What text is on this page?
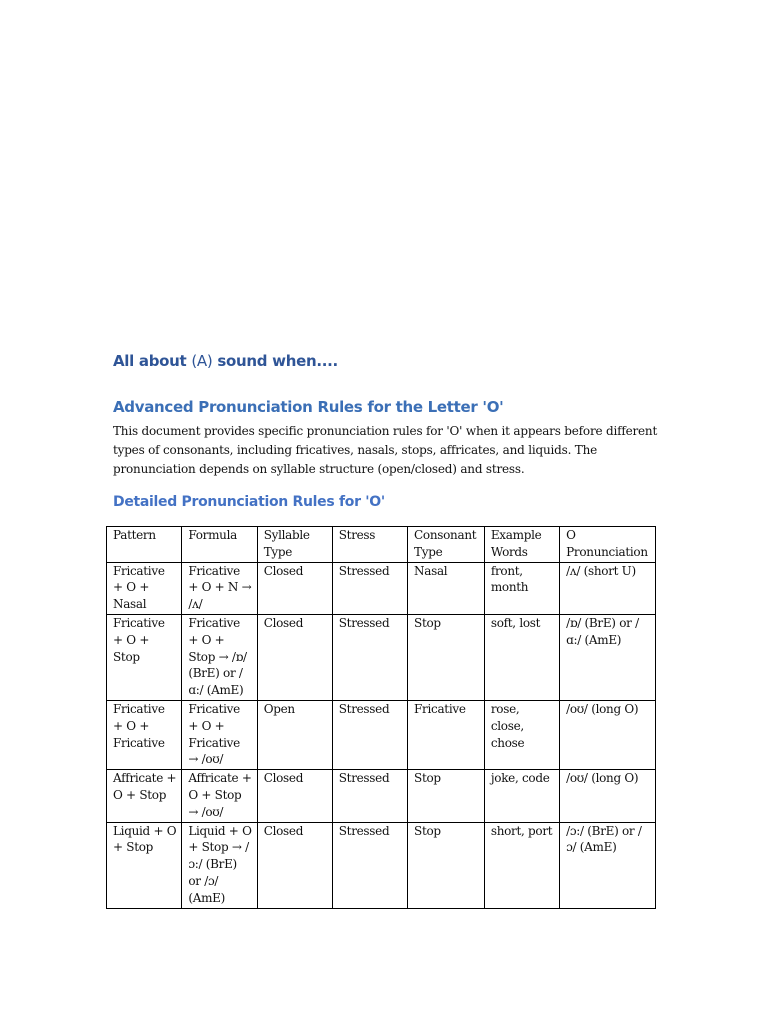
All about (A) sound when....
Advanced Pronunciation Rules for the Letter 'O'

This document provides specific pronunciation rules for 'O' when it appears before different types of consonants, including fricatives, nasals, stops, affricates, and liquids. The pronunciation depends on syllable structure (open/closed) and stress.

Detailed Pronunciation Rules for 'O'
Pattern	Formula	Syllable Type	Stress	Consonant Type	Example Words	O Pronunciation
Fricative + O + Nasal	Fricative + O + N → /ʌ/	Closed	Stressed	Nasal	front, month	/ʌ/ (short U)
Fricative + O + Stop	Fricative + O + Stop → /ɒ/ (BrE) or /ɑ:/ (AmE)	Closed	Stressed	Stop	soft, lost	/ɒ/ (BrE) or /ɑ:/ (AmE)
Fricative + O + Fricative	Fricative + O + Fricative → /oʊ/	Open	Stressed	Fricative	rose, close, chose	/oʊ/ (long O)
Affricate + O + Stop	Affricate + O + Stop → /oʊ/	Closed	Stressed	Stop	joke, code	/oʊ/ (long O)
Liquid + O + Stop	Liquid + O + Stop → /ɔ:/ (BrE) or /ɔ/ (AmE)	Closed	Stressed	Stop	short, port	/ɔ:/ (BrE) or /ɔ/ (AmE)
